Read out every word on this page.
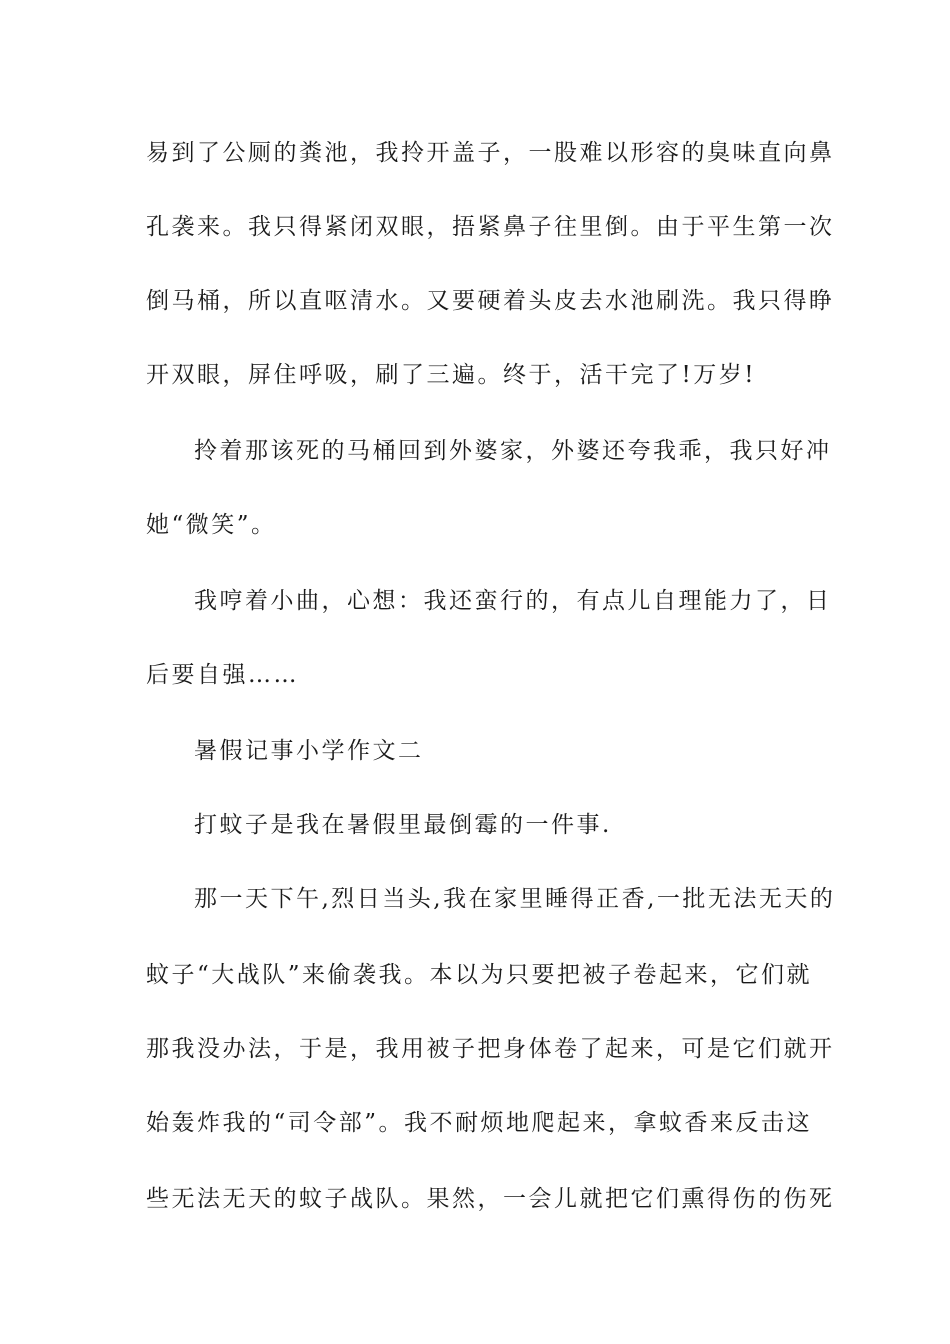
易到了公厕的粪池，我拎开盖子，一股难以形容的臭味直向鼻
孔袭来。我只得紧闭双眼，捂紧鼻子往里倒。由于平生第一次
倒马桶，所以直呕清水。又要硬着头皮去水池刷洗。我只得睁
开双眼，屏住呼吸，刷了三遍。终于，活干完了!万岁!
拎着那该死的马桶回到外婆家，外婆还夸我乖，我只好冲
她“微笑”。
我哼着小曲，心想：我还蛮行的，有点儿自理能力了，日
后要自强……
暑假记事小学作文二
打蚊子是我在暑假里最倒霉的一件事.
那一天下午,烈日当头,我在家里睡得正香,一批无法无天的
蚊子“大战队”来偷袭我。本以为只要把被子卷起来，它们就
那我没办法，于是，我用被子把身体卷了起来，可是它们就开
始轰炸我的“司令部”。我不耐烦地爬起来，拿蚊香来反击这
些无法无天的蚊子战队。果然，一会儿就把它们熏得伤的伤死
